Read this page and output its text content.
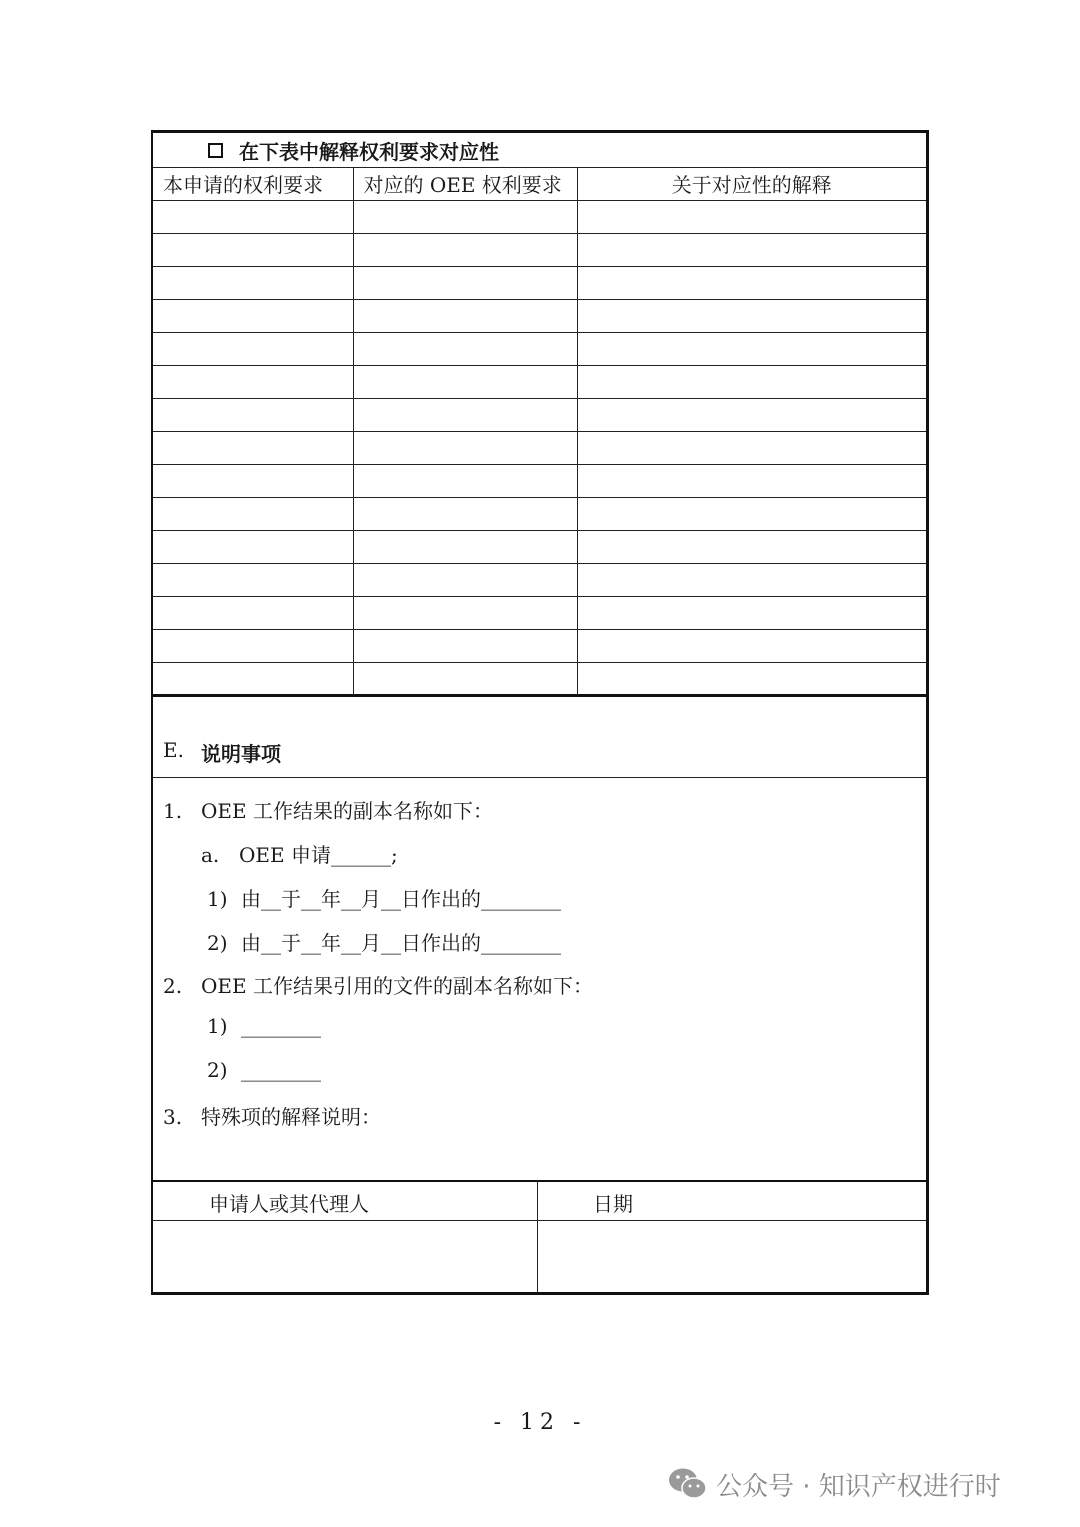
在下表中解释权利要求对应性
本申请的权利要求	对应的 OEE 权利要求	关于对应性的解释

E. 说明事项
1. OEE 工作结果的副本名称如下：
a. OEE 申请______;
1) 由__于__年__月__日作出的________
2) 由__于__年__月__日作出的________
2. OEE 工作结果引用的文件的副本名称如下：
1) ________
2) ________
3. 特殊项的解释说明：
申请人或其代理人	日期
- 12 -
公众号 · 知识产权进行时
